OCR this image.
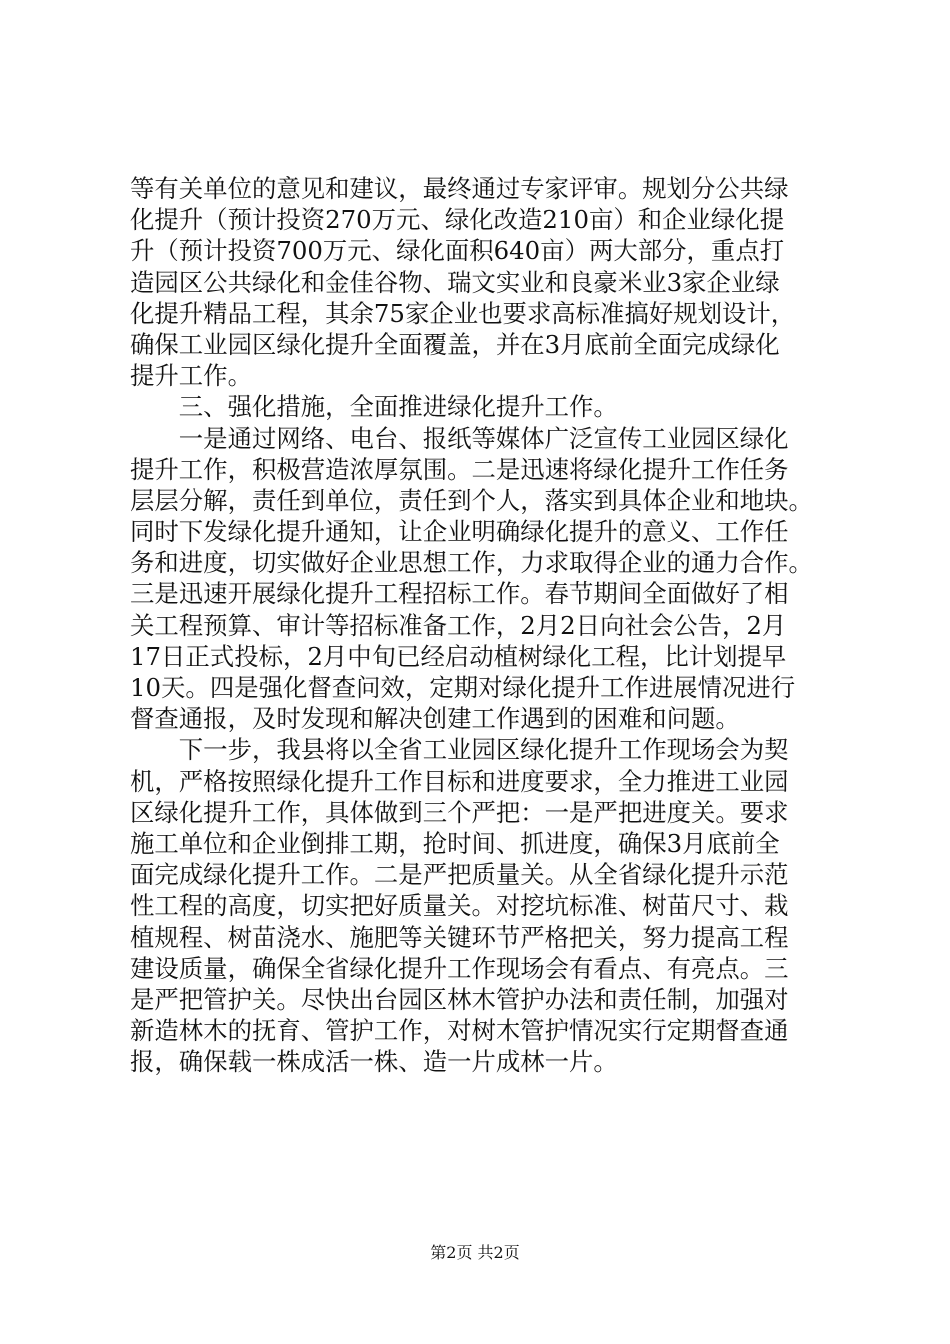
等有关单位的意见和建议，最终通过专家评审。规划分公共绿
化提升（预计投资270万元、绿化改造210亩）和企业绿化提
升（预计投资700万元、绿化面积640亩）两大部分，重点打
造园区公共绿化和金佳谷物、瑞文实业和良豪米业3家企业绿
化提升精品工程，其余75家企业也要求高标准搞好规划设计，
确保工业园区绿化提升全面覆盖，并在3月底前全面完成绿化
提升工作。
　　三、强化措施，全面推进绿化提升工作。
　　一是通过网络、电台、报纸等媒体广泛宣传工业园区绿化
提升工作，积极营造浓厚氛围。二是迅速将绿化提升工作任务
层层分解，责任到单位，责任到个人，落实到具体企业和地块。
同时下发绿化提升通知，让企业明确绿化提升的意义、工作任
务和进度，切实做好企业思想工作，力求取得企业的通力合作。
三是迅速开展绿化提升工程招标工作。春节期间全面做好了相
关工程预算、审计等招标准备工作，2月2日向社会公告，2月
17日正式投标，2月中旬已经启动植树绿化工程，比计划提早
10天。四是强化督查问效，定期对绿化提升工作进展情况进行
督查通报，及时发现和解决创建工作遇到的困难和问题。
　　下一步，我县将以全省工业园区绿化提升工作现场会为契
机，严格按照绿化提升工作目标和进度要求，全力推进工业园
区绿化提升工作，具体做到三个严把：一是严把进度关。要求
施工单位和企业倒排工期，抢时间、抓进度，确保3月底前全
面完成绿化提升工作。二是严把质量关。从全省绿化提升示范
性工程的高度，切实把好质量关。对挖坑标准、树苗尺寸、栽
植规程、树苗浇水、施肥等关键环节严格把关，努力提高工程
建设质量，确保全省绿化提升工作现场会有看点、有亮点。三
是严把管护关。尽快出台园区林木管护办法和责任制，加强对
新造林木的抚育、管护工作，对树木管护情况实行定期督查通
报，确保载一株成活一株、造一片成林一片。
第2页 共2页
